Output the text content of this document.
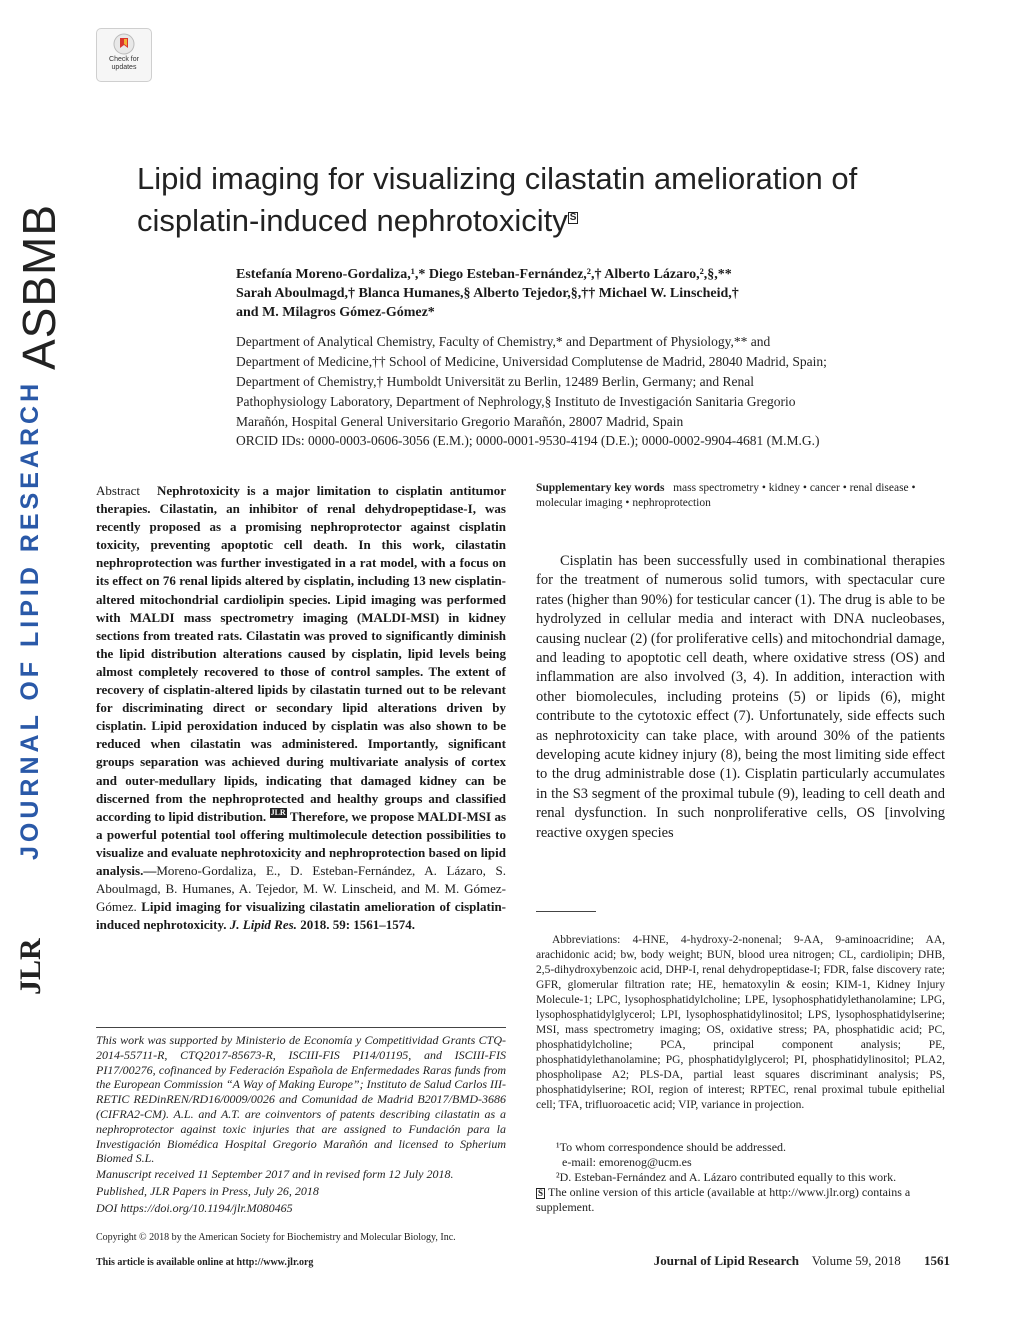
Check for
updates
ASBMB
JOURNAL OF LIPID RESEARCH
JLR
Lipid imaging for visualizing cilastatin amelioration of
cisplatin-induced nephrotoxicity S
Estefanía Moreno-Gordaliza,¹,* Diego Esteban-Fernández,²,† Alberto Lázaro,²,§,**
Sarah Aboulmagd,† Blanca Humanes,§ Alberto Tejedor,§,†† Michael W. Linscheid,†
and M. Milagros Gómez-Gómez*
Department of Analytical Chemistry, Faculty of Chemistry,* and Department of Physiology,** and
Department of Medicine,†† School of Medicine, Universidad Complutense de Madrid, 28040 Madrid, Spain;
Department of Chemistry,† Humboldt Universität zu Berlin, 12489 Berlin, Germany; and Renal
Pathophysiology Laboratory, Department of Nephrology,§ Instituto de Investigación Sanitaria Gregorio
Marañón, Hospital General Universitario Gregorio Marañón, 28007 Madrid, Spain
ORCID IDs: 0000-0003-0606-3056 (E.M.); 0000-0001-9530-4194 (D.E.); 0000-0002-9904-4681 (M.M.G.)
Abstract Nephrotoxicity is a major limitation to cisplatin antitumor therapies. Cilastatin, an inhibitor of renal dehydropeptidase-I, was recently proposed as a promising nephroprotector against cisplatin toxicity, preventing apoptotic cell death. In this work, cilastatin nephroprotection was further investigated in a rat model, with a focus on its effect on 76 renal lipids altered by cisplatin, including 13 new cisplatin-altered mitochondrial cardiolipin species. Lipid imaging was performed with MALDI mass spectrometry imaging (MALDI-MSI) in kidney sections from treated rats. Cilastatin was proved to significantly diminish the lipid distribution alterations caused by cisplatin, lipid levels being almost completely recovered to those of control samples. The extent of recovery of cisplatin-altered lipids by cilastatin turned out to be relevant for discriminating direct or secondary lipid alterations driven by cisplatin. Lipid peroxidation induced by cisplatin was also shown to be reduced when cilastatin was administered. Importantly, significant groups separation was achieved during multivariate analysis of cortex and outer-medullary lipids, indicating that damaged kidney can be discerned from the nephroprotected and healthy groups and classified according to lipid distribution. JLR Therefore, we propose MALDI-MSI as a powerful potential tool offering multimolecule detection possibilities to visualize and evaluate nephrotoxicity and nephroprotection based on lipid analysis.—Moreno-Gordaliza, E., D. Esteban-Fernández, A. Lázaro, S. Aboulmagd, B. Humanes, A. Tejedor, M. W. Linscheid, and M. M. Gómez-Gómez. Lipid imaging for visualizing cilastatin amelioration of cisplatin-induced nephrotoxicity. J. Lipid Res. 2018. 59: 1561–1574.
This work was supported by Ministerio de Economía y Competitividad Grants CTQ-2014-55711-R, CTQ2017-85673-R, ISCIII-FIS PI14/01195, and ISCIII-FIS PI17/00276, cofinanced by Federación Española de Enfermedades Raras funds from the European Commission “A Way of Making Europe”; Instituto de Salud Carlos III-RETIC REDinREN/RD16/0009/0026 and Comunidad de Madrid B2017/BMD-3686 (CIFRA2-CM). A.L. and A.T. are coinventors of patents describing cilastatin as a nephroprotector against toxic injuries that are assigned to Fundación para la Investigación Biomédica Hospital Gregorio Marañón and licensed to Spherium Biomed S.L.
Manuscript received 11 September 2017 and in revised form 12 July 2018.
Published, JLR Papers in Press, July 26, 2018
DOI https://doi.org/10.1194/jlr.M080465
Copyright © 2018 by the American Society for Biochemistry and Molecular Biology, Inc.
This article is available online at http://www.jlr.org
Supplementary key words mass spectrometry • kidney • cancer • renal disease • molecular imaging • nephroprotection

Cisplatin has been successfully used in combinational therapies for the treatment of numerous solid tumors, with spectacular cure rates (higher than 90%) for testicular cancer (1). The drug is able to be hydrolyzed in cellular media and interact with DNA nucleobases, causing nuclear (2) (for proliferative cells) and mitochondrial damage, and leading to apoptotic cell death, where oxidative stress (OS) and inflammation are also involved (3, 4). In addition, interaction with other biomolecules, including proteins (5) or lipids (6), might contribute to the cytotoxic effect (7). Unfortunately, side effects such as nephrotoxicity can take place, with around 30% of the patients developing acute kidney injury (8), being the most limiting side effect to the drug administrable dose (1). Cisplatin particularly accumulates in the S3 segment of the proximal tubule (9), leading to cell death and renal dysfunction. In such nonproliferative cells, OS [involving reactive oxygen species

Abbreviations: 4-HNE, 4-hydroxy-2-nonenal; 9-AA, 9-aminoacridine; AA, arachidonic acid; bw, body weight; BUN, blood urea nitrogen; CL, cardiolipin; DHB, 2,5-dihydroxybenzoic acid, DHP-I, renal dehydropeptidase-I; FDR, false discovery rate; GFR, glomerular filtration rate; HE, hematoxylin & eosin; KIM-1, Kidney Injury Molecule-1; LPC, lysophosphatidylcholine; LPE, lysophosphatidylethanolamine; LPG, lysophosphatidylglycerol; LPI, lysophosphatidylinositol; LPS, lysophosphatidylserine; MSI, mass spectrometry imaging; OS, oxidative stress; PA, phosphatidic acid; PC, phosphatidylcholine; PCA, principal component analysis; PE, phosphatidylethanolamine; PG, phosphatidylglycerol; PI, phosphatidylinositol; PLA2, phospholipase A2; PLS-DA, partial least squares discriminant analysis; PS, phosphatidylserine; ROI, region of interest; RPTEC, renal proximal tubule epithelial cell; TFA, trifluoroacetic acid; VIP, variance in projection.

¹To whom correspondence should be addressed.
e-mail: emorenog@ucm.es
²D. Esteban-Fernández and A. Lázaro contributed equally to this work.
S The online version of this article (available at http://www.jlr.org) contains a supplement.
Journal of Lipid Research Volume 59, 2018 1561
